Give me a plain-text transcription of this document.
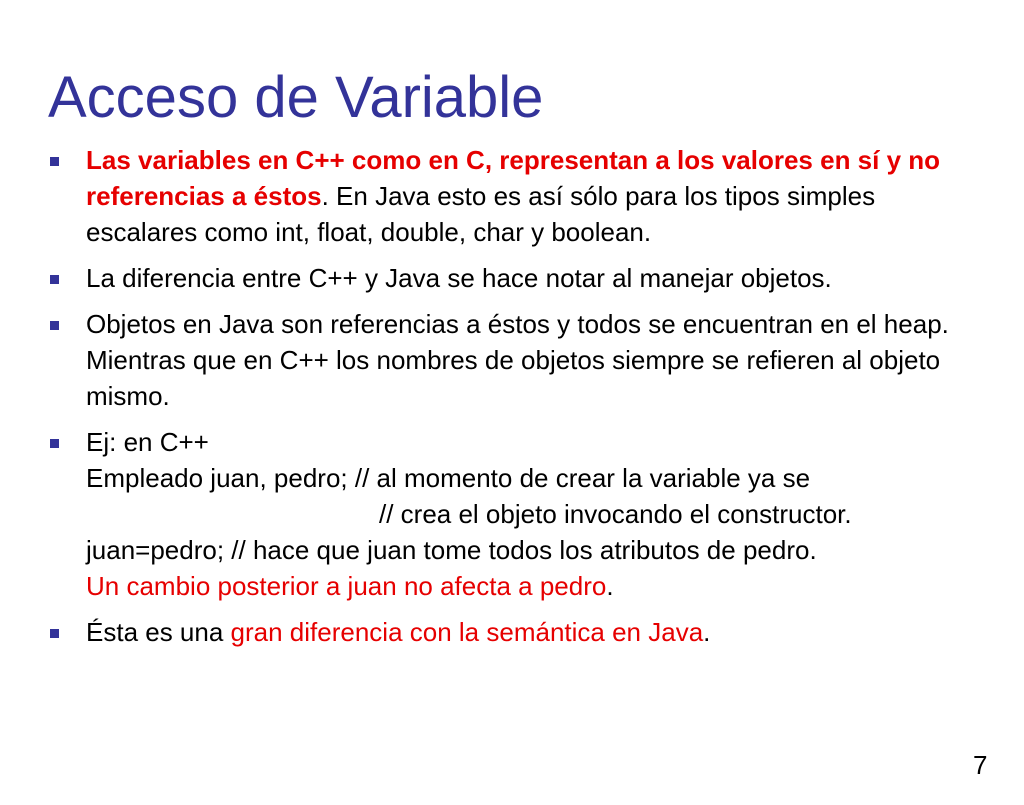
Acceso de Variable
Las variables en C++ como en C, representan a los valores en sí y no referencias a éstos. En Java esto es así sólo para los tipos simples escalares como int, float, double, char y boolean.
La diferencia entre C++ y Java se hace notar al manejar objetos.
Objetos en Java son referencias a éstos y todos se encuentran en el heap. Mientras que en C++ los nombres de objetos siempre se refieren al objeto mismo.
Ej: en C++
Empleado juan, pedro; // al momento de crear la variable ya se
// crea el objeto invocando el constructor.
juan=pedro; // hace que juan tome todos los atributos de pedro.
Un cambio posterior a juan no afecta a pedro.
Ésta es una gran diferencia con la semántica en Java.
7
